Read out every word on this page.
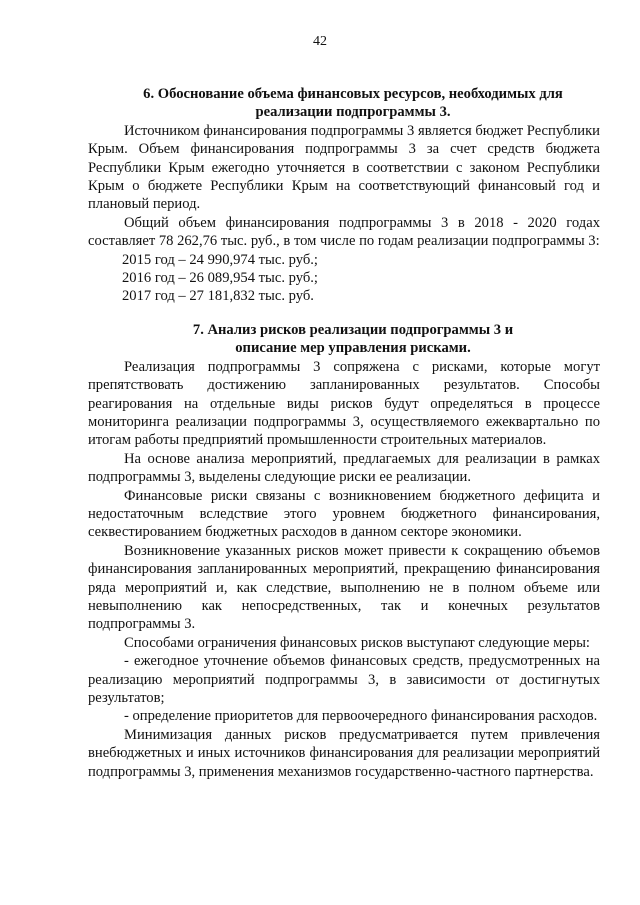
42
6. Обоснование объема финансовых ресурсов, необходимых для
реализации подпрограммы 3.

Источником финансирования подпрограммы 3 является бюджет Республики Крым. Объем финансирования подпрограммы 3 за счет средств бюджета Республики Крым ежегодно уточняется в соответствии с законом Республики Крым о бюджете Республики Крым на соответствующий финансовый год и плановый период.

Общий объем финансирования подпрограммы 3 в 2018 - 2020 годах составляет 78 262,76 тыс. руб., в том числе по годам реализации подпрограммы 3:

2015 год – 24 990,974 тыс. руб.;

2016 год – 26 089,954 тыс. руб.;

2017 год – 27 181,832 тыс. руб.

7. Анализ рисков реализации подпрограммы 3 и
описание мер управления рисками.

Реализация подпрограммы 3 сопряжена с рисками, которые могут препятствовать достижению запланированных результатов. Способы реагирования на отдельные виды рисков будут определяться в процессе мониторинга реализации подпрограммы 3, осуществляемого ежеквартально по итогам работы предприятий промышленности строительных материалов.

На основе анализа мероприятий, предлагаемых для реализации в рамках подпрограммы 3, выделены следующие риски ее реализации.

Финансовые риски связаны с возникновением бюджетного дефицита и недостаточным вследствие этого уровнем бюджетного финансирования, секвестированием бюджетных расходов в данном секторе экономики.

Возникновение указанных рисков может привести к сокращению объемов финансирования запланированных мероприятий, прекращению финансирования ряда мероприятий и, как следствие, выполнению не в полном объеме или невыполнению как непосредственных, так и конечных результатов подпрограммы 3.

Способами ограничения финансовых рисков выступают следующие меры:

- ежегодное уточнение объемов финансовых средств, предусмотренных на реализацию мероприятий подпрограммы 3, в зависимости от достигнутых результатов;

- определение приоритетов для первоочередного финансирования расходов.

Минимизация данных рисков предусматривается путем привлечения внебюджетных и иных источников финансирования для реализации мероприятий подпрограммы 3, применения механизмов государственно-частного партнерства.
